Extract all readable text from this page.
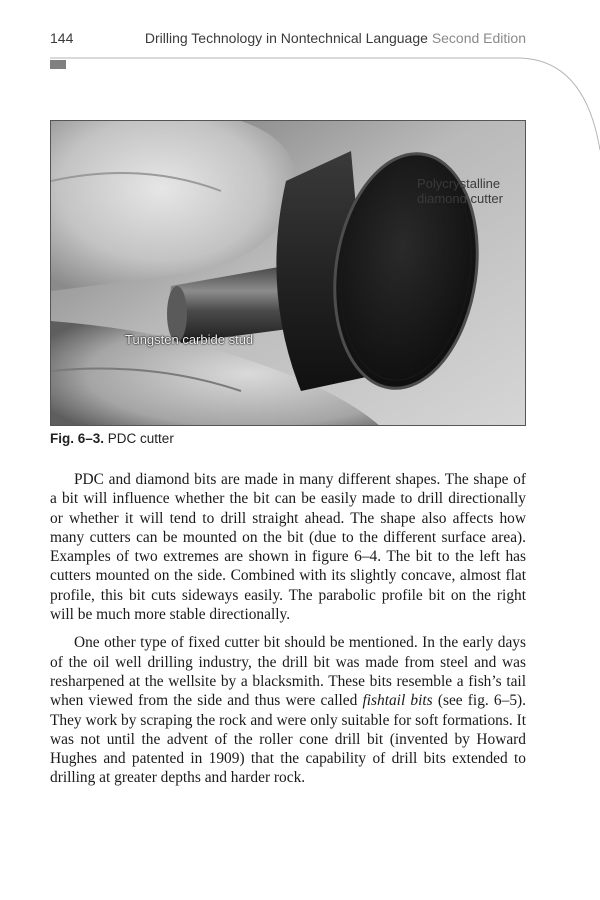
144	Drilling Technology in Nontechnical Language Second Edition
Polycrystalline
diamond cutter
Tungsten carbide stud
Fig. 6–3. PDC cutter

PDC and diamond bits are made in many different shapes. The shape of a bit will influence whether the bit can be easily made to drill directionally or whether it will tend to drill straight ahead. The shape also affects how many cutters can be mounted on the bit (due to the different surface area). Examples of two extremes are shown in figure 6–4. The bit to the left has cutters mounted on the side. Combined with its slightly concave, almost flat profile, this bit cuts sideways easily. The parabolic profile bit on the right will be much more stable directionally.

One other type of fixed cutter bit should be mentioned. In the early days of the oil well drilling industry, the drill bit was made from steel and was resharpened at the wellsite by a blacksmith. These bits resemble a fish’s tail when viewed from the side and thus were called fishtail bits (see fig. 6–5). They work by scraping the rock and were only suitable for soft formations. It was not until the advent of the roller cone drill bit (invented by Howard Hughes and patented in 1909) that the capability of drill bits extended to drilling at greater depths and harder rock.
